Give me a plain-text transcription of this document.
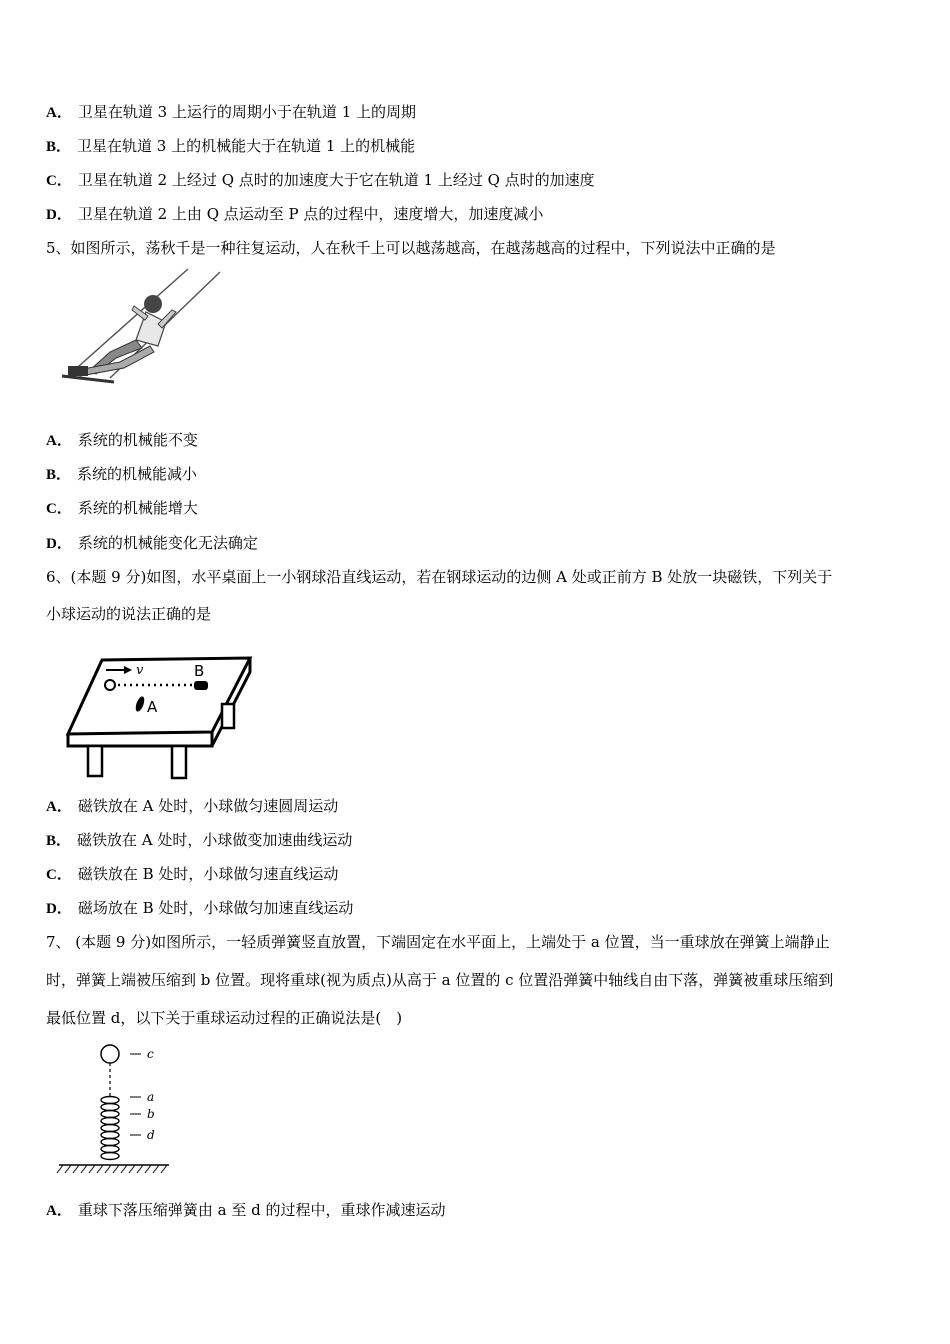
A． 卫星在轨道 3 上运行的周期小于在轨道 1 上的周期
B． 卫星在轨道 3 上的机械能大于在轨道 1 上的机械能
C． 卫星在轨道 2 上经过 Q 点时的加速度大于它在轨道 1 上经过 Q 点时的加速度
D． 卫星在轨道 2 上由 Q 点运动至 P 点的过程中，速度增大，加速度减小
5、如图所示，荡秋千是一种往复运动，人在秋千上可以越荡越高，在越荡越高的过程中，下列说法中正确的是
A． 系统的机械能不变
B． 系统的机械能减小
C． 系统的机械能增大
D． 系统的机械能变化无法确定
6、(本题 9 分)如图，水平桌面上一小钢球沿直线运动，若在钢球运动的边侧 A 处或正前方 B 处放一块磁铁，下列关于
小球运动的说法正确的是
v	B
A
A． 磁铁放在 A 处时，小球做匀速圆周运动
B． 磁铁放在 A 处时，小球做变加速曲线运动
C． 磁铁放在 B 处时，小球做匀速直线运动
D． 磁场放在 B 处时，小球做匀加速直线运动
7、 (本题 9 分)如图所示，一轻质弹簧竖直放置，下端固定在水平面上，上端处于 a 位置，当一重球放在弹簧上端静止
时，弹簧上端被压缩到 b 位置。现将重球(视为质点)从高于 a 位置的 c 位置沿弹簧中轴线自由下落，弹簧被重球压缩到
最低位置 d，以下关于重球运动过程的正确说法是(　)
c
a
b
d
A． 重球下落压缩弹簧由 a 至 d 的过程中，重球作减速运动
